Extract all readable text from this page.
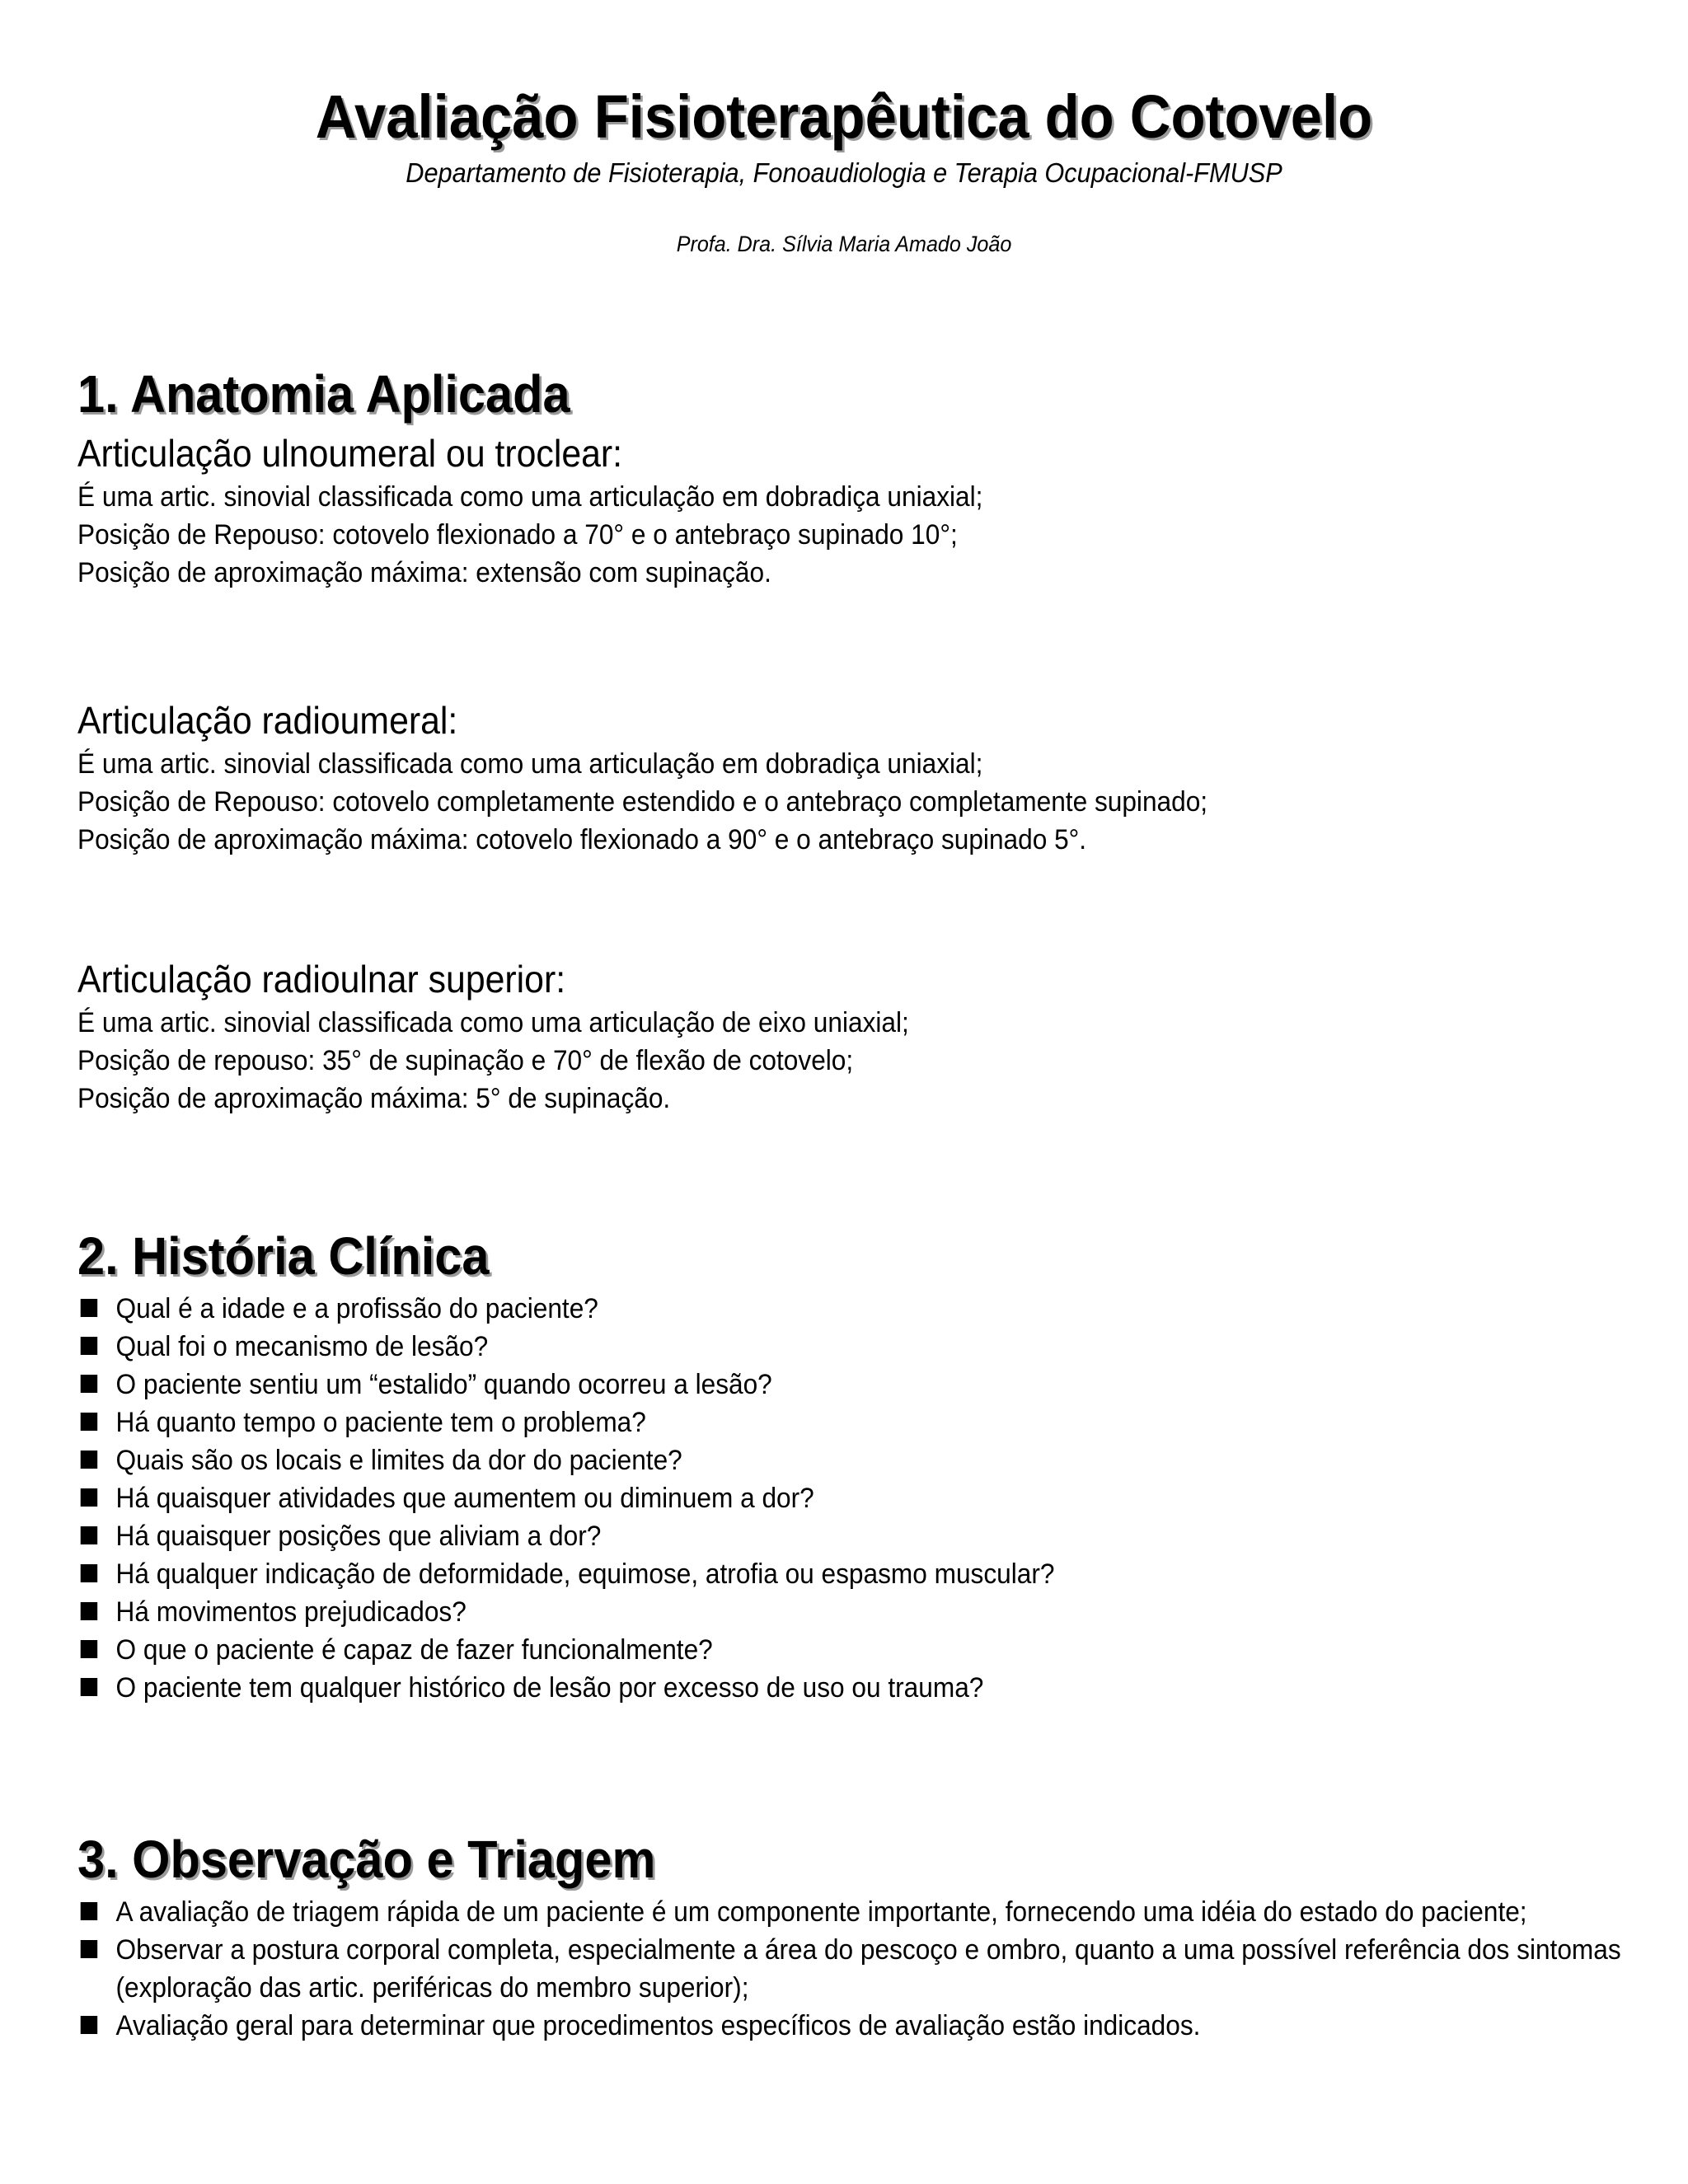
Avaliação Fisioterapêutica do Cotovelo
Departamento de Fisioterapia, Fonoaudiologia e Terapia Ocupacional-FMUSP
Profa. Dra. Sílvia Maria Amado João
1. Anatomia Aplicada
Articulação ulnoumeral ou troclear:
É uma artic. sinovial classificada como uma articulação em dobradiça uniaxial;
Posição de Repouso: cotovelo flexionado a 70° e o antebraço supinado 10°;
Posição de aproximação máxima: extensão com supinação.
Articulação radioumeral:
É uma artic. sinovial classificada como uma articulação em dobradiça uniaxial;
Posição de Repouso: cotovelo completamente estendido e o antebraço completamente supinado;
Posição de aproximação máxima: cotovelo flexionado a 90° e o antebraço supinado 5°.
Articulação radioulnar superior:
É uma artic. sinovial classificada como uma articulação de eixo uniaxial;
Posição de repouso: 35° de supinação e 70° de flexão de cotovelo;
Posição de aproximação máxima: 5° de supinação.
2. História Clínica
Qual é a idade e a profissão do paciente?
Qual foi o mecanismo de lesão?
O paciente sentiu um “estalido” quando ocorreu a lesão?
Há quanto tempo o paciente tem o problema?
Quais são os locais e limites da dor do paciente?
Há quaisquer atividades que aumentem ou diminuem a dor?
Há quaisquer posições que aliviam a dor?
Há qualquer indicação de deformidade, equimose, atrofia ou espasmo muscular?
Há movimentos prejudicados?
O que o paciente é capaz de fazer funcionalmente?
O paciente tem qualquer histórico de lesão por excesso de uso ou trauma?
3. Observação e Triagem
A avaliação de triagem rápida de um paciente é um componente importante, fornecendo uma idéia do estado do paciente;
Observar a postura corporal completa, especialmente a área do pescoço e ombro, quanto a uma possível referência dos sintomas (exploração das artic. periféricas do membro superior);
Avaliação geral para determinar que procedimentos específicos de avaliação estão indicados.
